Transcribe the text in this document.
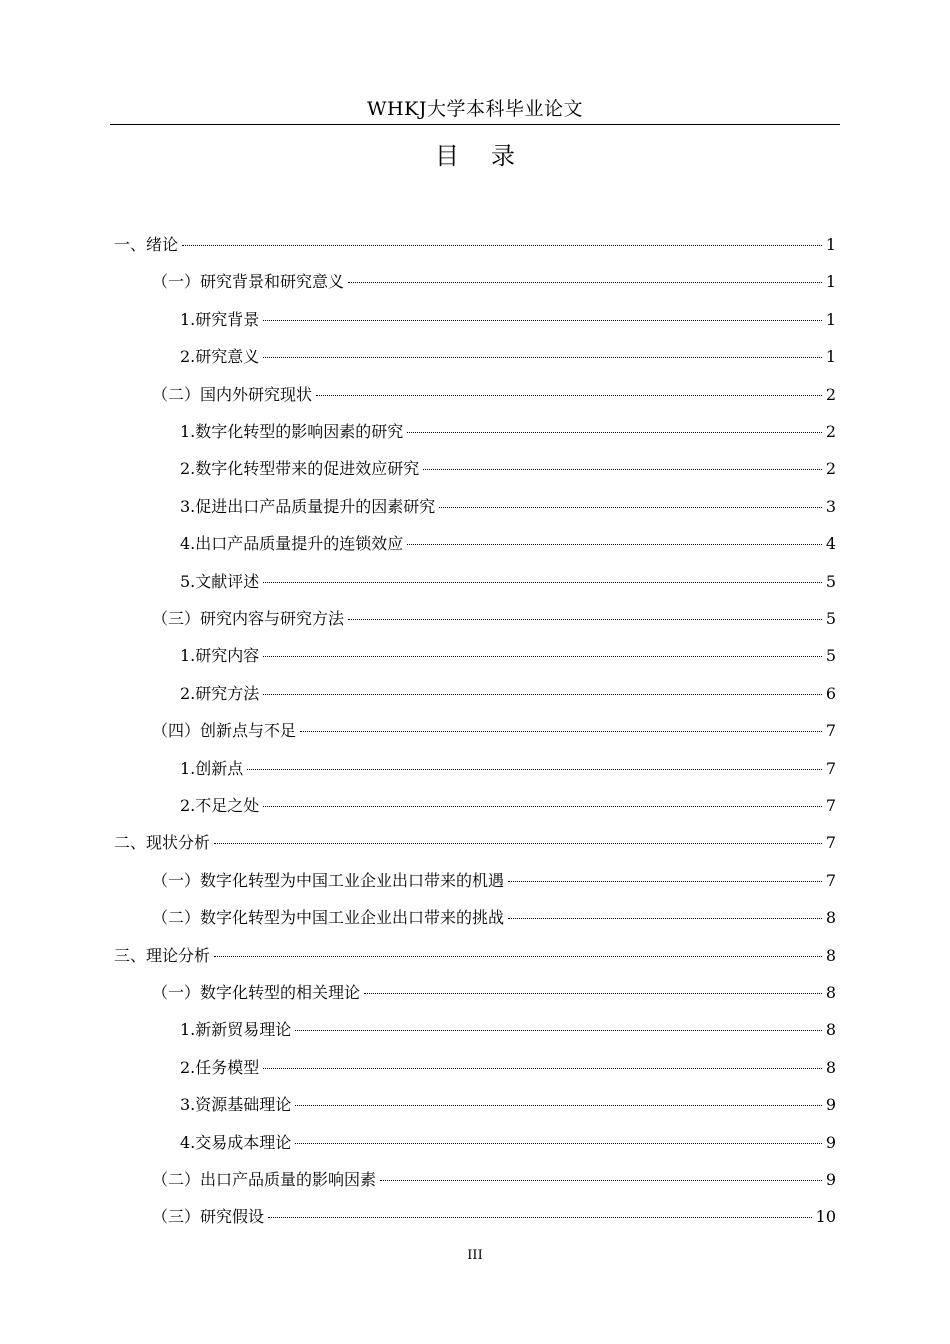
WHKJ大学本科毕业论文
目录
一、绪论	1
（一）研究背景和研究意义	1
1.研究背景	1
2.研究意义	1
（二）国内外研究现状	2
1.数字化转型的影响因素的研究	2
2.数字化转型带来的促进效应研究	2
3.促进出口产品质量提升的因素研究	3
4.出口产品质量提升的连锁效应	4
5.文献评述	5
（三）研究内容与研究方法	5
1.研究内容	5
2.研究方法	6
（四）创新点与不足	7
1.创新点	7
2.不足之处	7
二、现状分析	7
（一）数字化转型为中国工业企业出口带来的机遇	7
（二）数字化转型为中国工业企业出口带来的挑战	8
三、理论分析	8
（一）数字化转型的相关理论	8
1.新新贸易理论	8
2.任务模型	8
3.资源基础理论	9
4.交易成本理论	9
（二）出口产品质量的影响因素	9
（三）研究假设	10
III
